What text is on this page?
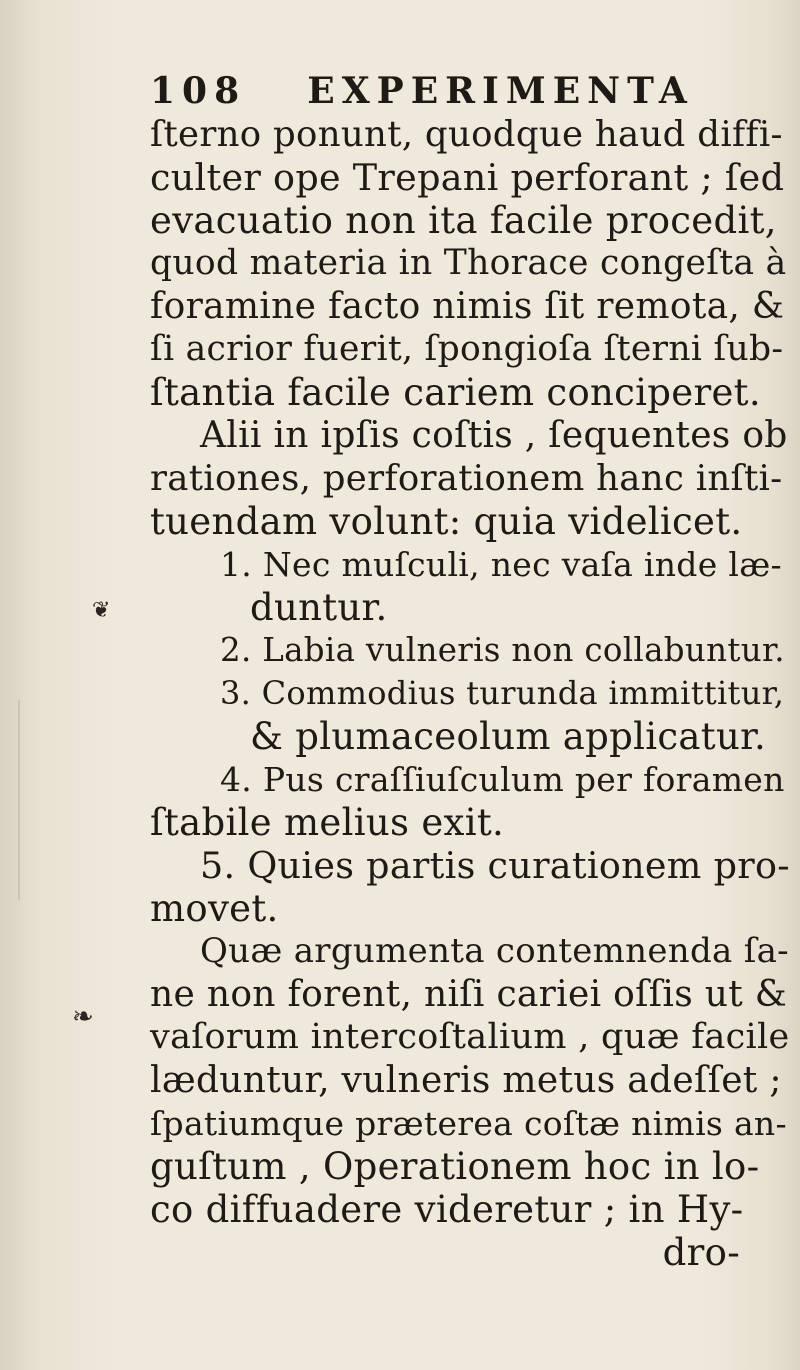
❦
❧
108 EXPERIMENTA
ſterno ponunt, quodque haud diffi-
culter ope Trepani perforant ; ſed
evacuatio non ita facile procedit,
quod materia in Thorace congeſta à
foramine facto nimis ſit remota, &
ſi acrior fuerit, ſpongioſa ſterni ſub-
ſtantia facile cariem conciperet.
Alii in ipſis coſtis , ſequentes ob
rationes, perforationem hanc inſti-
tuendam volunt: quia videlicet.
1. Nec muſculi, nec vaſa inde læ-
duntur.
2. Labia vulneris non collabuntur.
3. Commodius turunda immittitur,
& plumaceolum applicatur.
4. Pus craſſiuſculum per foramen
ſtabile melius exit.
5. Quies partis curationem pro-
movet.
Quæ argumenta contemnenda ſa-
ne non forent, niſi cariei oſſis ut &
vaſorum intercoſtalium , quæ facile
læduntur, vulneris metus adeſſet ;
ſpatiumque præterea coſtæ nimis an-
guſtum , Operationem hoc in lo-
co diffuadere videretur ; in Hy-
dro-
